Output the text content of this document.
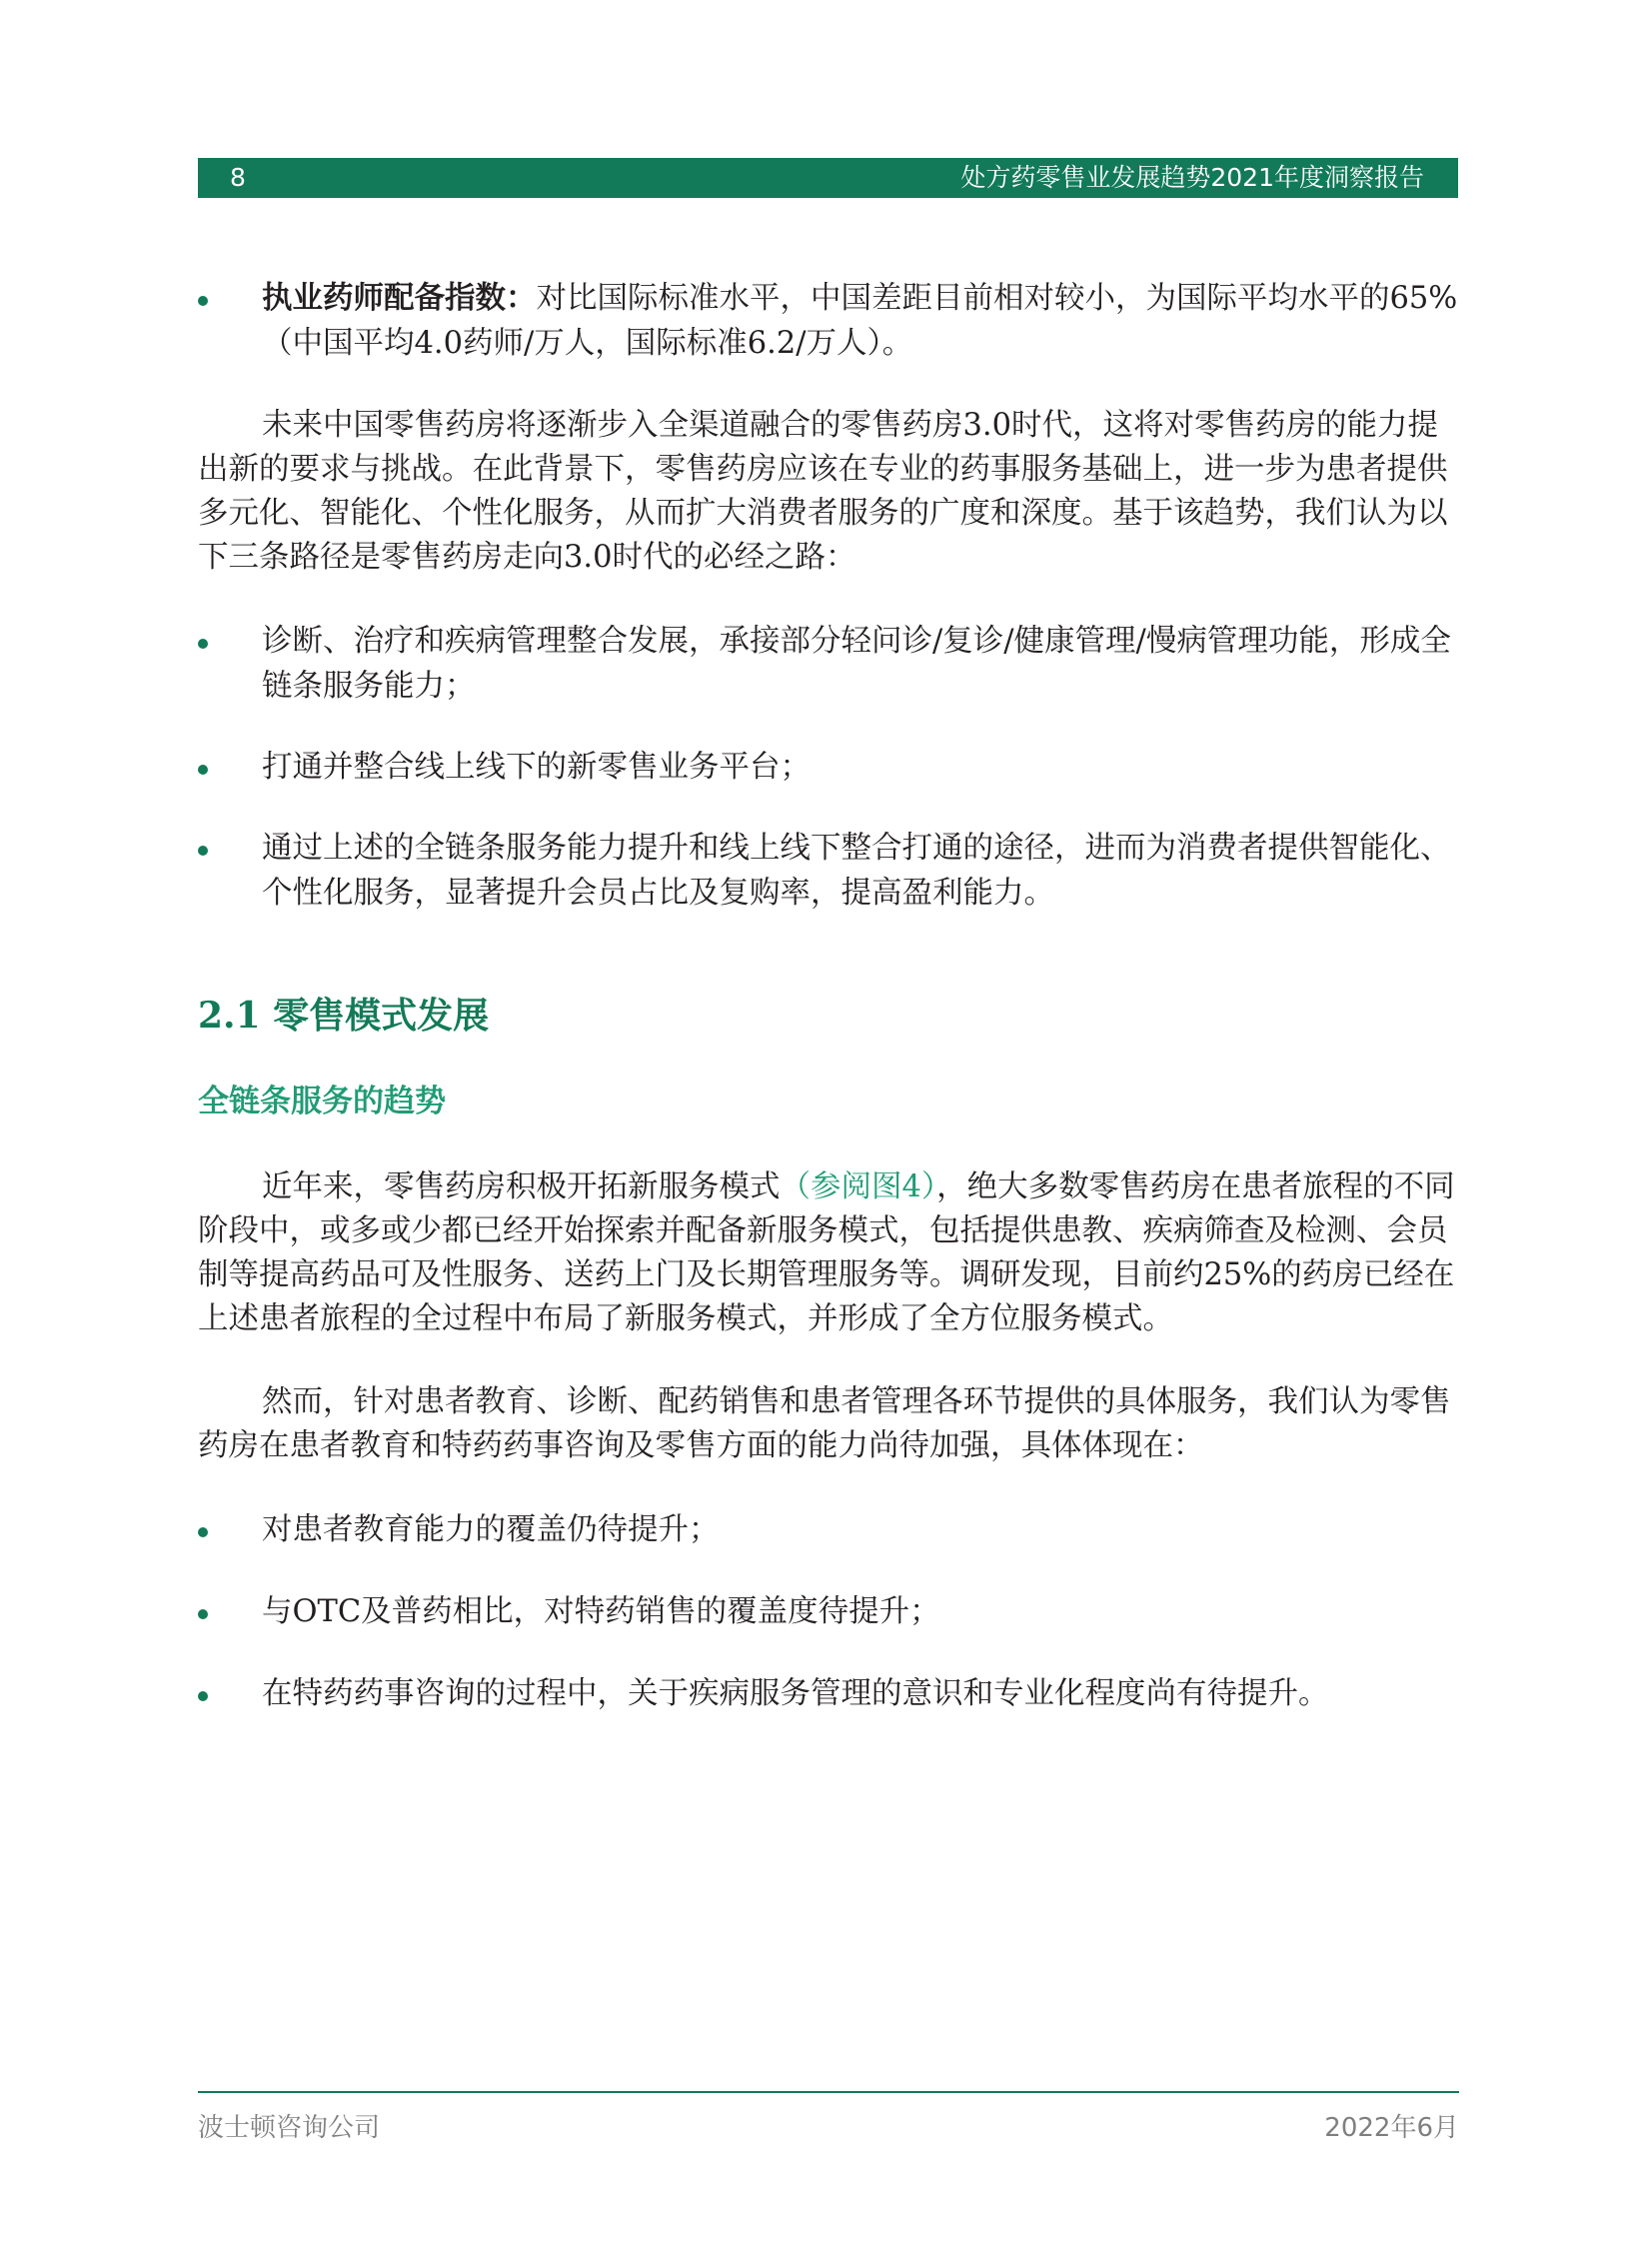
8	处方药零售业发展趋势2021年度洞察报告
执业药师配备指数：对比国际标准水平，中国差距目前相对较小，为国际平均水平的65%（中国平均4.0药师/万人，国际标准6.2/万人）。

未来中国零售药房将逐渐步入全渠道融合的零售药房3.0时代，这将对零售药房的能力提出新的要求与挑战。在此背景下，零售药房应该在专业的药事服务基础上，进一步为患者提供多元化、智能化、个性化服务，从而扩大消费者服务的广度和深度。基于该趋势，我们认为以下三条路径是零售药房走向3.0时代的必经之路：

诊断、治疗和疾病管理整合发展，承接部分轻问诊/复诊/健康管理/慢病管理功能，形成全链条服务能力；
打通并整合线上线下的新零售业务平台；
通过上述的全链条服务能力提升和线上线下整合打通的途径，进而为消费者提供智能化、个性化服务，显著提升会员占比及复购率，提高盈利能力。
2.1 零售模式发展
全链条服务的趋势

近年来，零售药房积极开拓新服务模式（参阅图4），绝大多数零售药房在患者旅程的不同阶段中，或多或少都已经开始探索并配备新服务模式，包括提供患教、疾病筛查及检测、会员制等提高药品可及性服务、送药上门及长期管理服务等。调研发现，目前约25%的药房已经在上述患者旅程的全过程中布局了新服务模式，并形成了全方位服务模式。

然而，针对患者教育、诊断、配药销售和患者管理各环节提供的具体服务，我们认为零售药房在患者教育和特药药事咨询及零售方面的能力尚待加强，具体体现在：

对患者教育能力的覆盖仍待提升；
与OTC及普药相比，对特药销售的覆盖度待提升；
在特药药事咨询的过程中，关于疾病服务管理的意识和专业化程度尚有待提升。
波士顿咨询公司	2022年6月
